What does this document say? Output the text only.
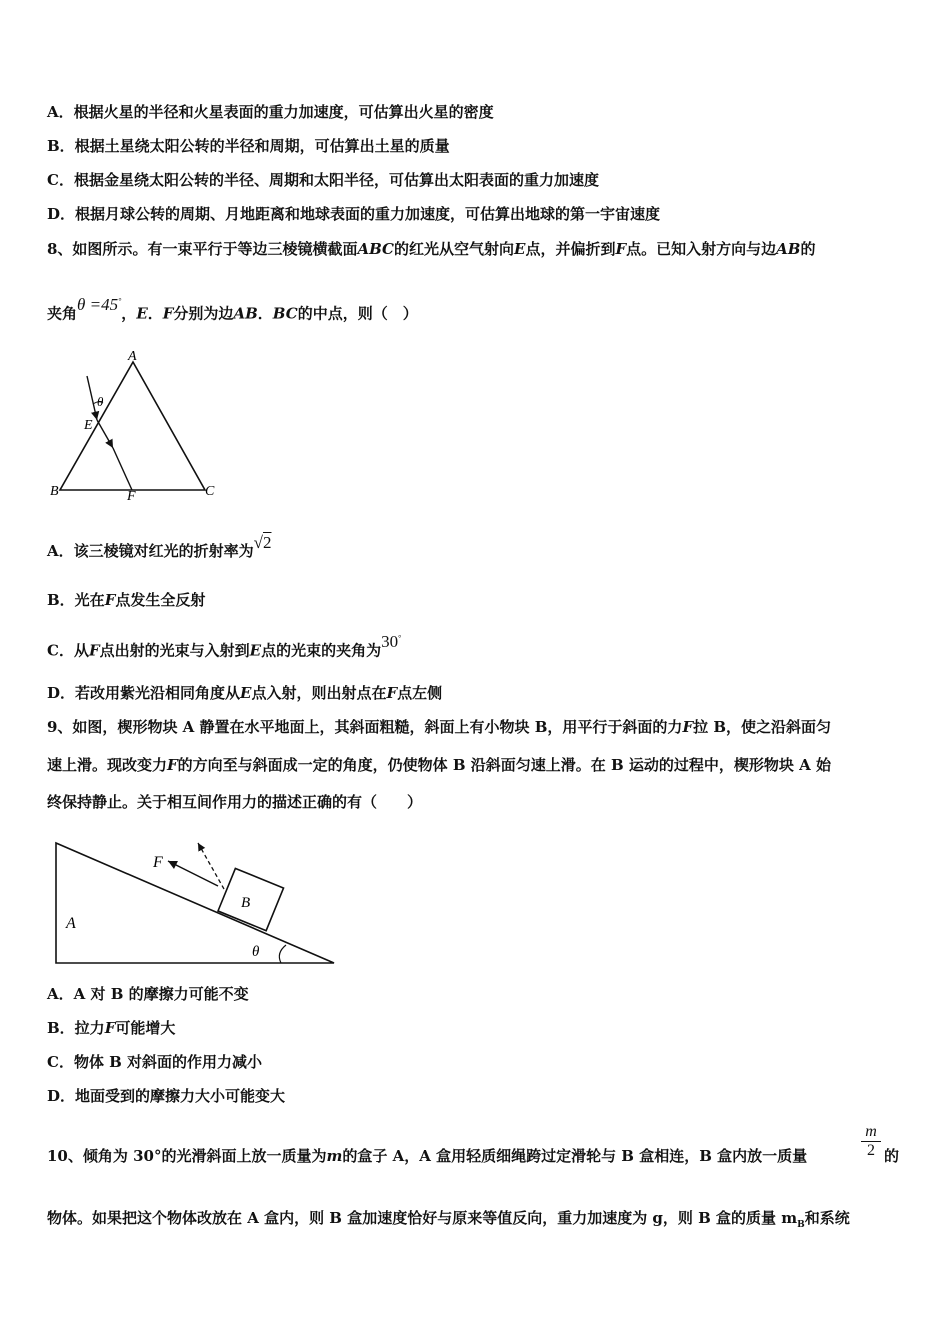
A．根据火星的半径和火星表面的重力加速度，可估算出火星的密度
B．根据土星绕太阳公转的半径和周期，可估算出土星的质量
C．根据金星绕太阳公转的半径、周期和太阳半径，可估算出太阳表面的重力加速度
D．根据月球公转的周期、月地距离和地球表面的重力加速度，可估算出地球的第一宇宙速度
8、如图所示。有一束平行于等边三棱镜横截面ABC的红光从空气射向E点，并偏折到F点。已知入射方向与边AB的
夹角θ =45°，E．F分别为边AB．BC的中点，则（　）
A
B	C
E
F
θ
A．该三棱镜对红光的折射率为√2
B．光在F点发生全反射
C．从F点出射的光束与入射到E点的光束的夹角为30°
D．若改用紫光沿相同角度从E点入射，则出射点在F点左侧
9、如图，楔形物块 A 静置在水平地面上，其斜面粗糙，斜面上有小物块 B，用平行于斜面的力F拉 B，使之沿斜面匀
速上滑。现改变力F的方向至与斜面成一定的角度，仍使物体 B 沿斜面匀速上滑。在 B 运动的过程中，楔形物块 A 始
终保持静止。关于相互间作用力的描述正确的有（　　）
A
B
F
θ
A．A 对 B 的摩擦力可能不变
B．拉力F可能增大
C．物体 B 对斜面的作用力减小
D．地面受到的摩擦力大小可能变大
10、倾角为 30°的光滑斜面上放一质量为m的盒子 A，A 盒用轻质细绳跨过定滑轮与 B 盒相连，B 盒内放一质量
m
2 的
物体。如果把这个物体改放在 A 盒内，则 B 盒加速度恰好与原来等值反向，重力加速度为 g，则 B 盒的质量 $m_B$和系统
